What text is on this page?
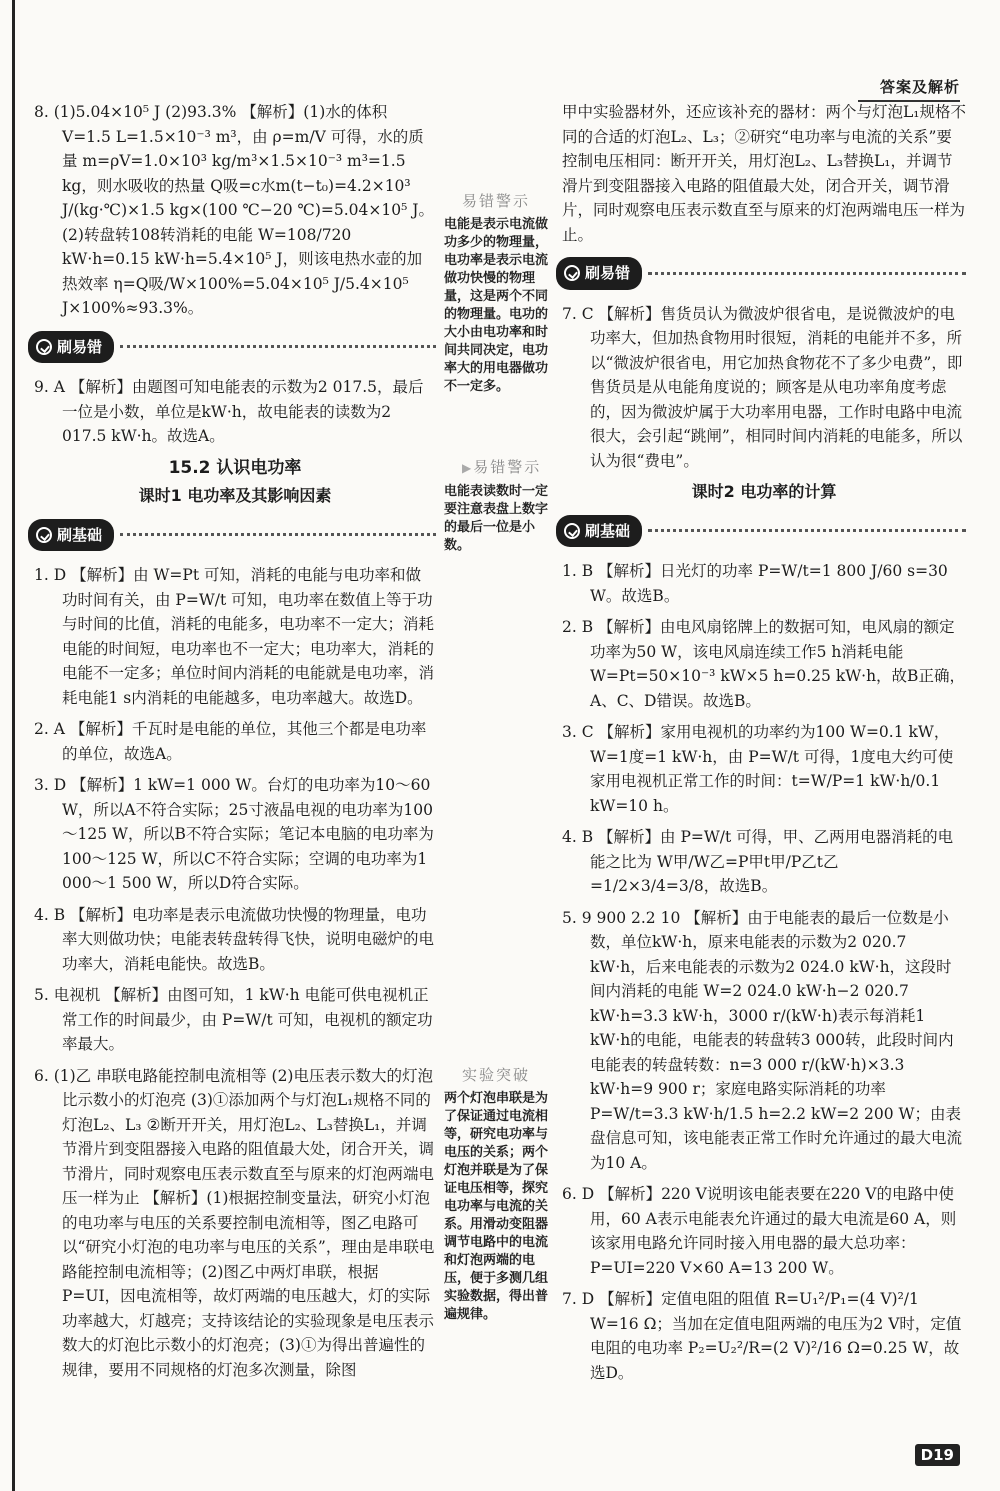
答案及解析

8. (1)5.04×10⁵ J (2)93.3% 【解析】(1)水的体积 V=1.5 L=1.5×10⁻³ m³，由 ρ=m/V 可得，水的质量 m=ρV=1.0×10³ kg/m³×1.5×10⁻³ m³=1.5 kg，则水吸收的热量 Q吸=c水m(t−t₀)=4.2×10³ J/(kg·℃)×1.5 kg×(100 ℃−20 ℃)=5.04×10⁵ J。(2)转盘转108转消耗的电能 W=108/720 kW·h=0.15 kW·h=5.4×10⁵ J，则该电热水壶的加热效率 η=Q吸/W×100%=5.04×10⁵ J/5.4×10⁵ J×100%≈93.3%。

刷易错

9. A 【解析】由题图可知电能表的示数为2 017.5，最后一位是小数，单位是kW·h，故电能表的读数为2 017.5 kW·h。故选A。

15.2 认识电功率
课时1 电功率及其影响因素
刷基础

1. D 【解析】由 W=Pt 可知，消耗的电能与电功率和做功时间有关，由 P=W/t 可知，电功率在数值上等于功与时间的比值，消耗的电能多，电功率不一定大；消耗电能的时间短，电功率也不一定大；电功率大，消耗的电能不一定多；单位时间内消耗的电能就是电功率，消耗电能1 s内消耗的电能越多，电功率越大。故选D。

2. A 【解析】千瓦时是电能的单位，其他三个都是电功率的单位，故选A。

3. D 【解析】1 kW=1 000 W。台灯的电功率为10～60 W，所以A不符合实际；25寸液晶电视的电功率为100～125 W，所以B不符合实际；笔记本电脑的电功率为100～125 W，所以C不符合实际；空调的电功率为1 000～1 500 W，所以D符合实际。

4. B 【解析】电功率是表示电流做功快慢的物理量，电功率大则做功快；电能表转盘转得飞快，说明电磁炉的电功率大，消耗电能快。故选B。

5. 电视机 【解析】由图可知，1 kW·h 电能可供电视机正常工作的时间最少，由 P=W/t 可知，电视机的额定功率最大。

6. (1)乙 串联电路能控制电流相等 (2)电压表示数大的灯泡比示数小的灯泡亮 (3)①添加两个与灯泡L₁规格不同的灯泡L₂、L₃ ②断开开关，用灯泡L₂、L₃替换L₁，并调节滑片到变阻器接入电路的阻值最大处，闭合开关，调节滑片，同时观察电压表示数直至与原来的灯泡两端电压一样为止 【解析】(1)根据控制变量法，研究小灯泡的电功率与电压的关系要控制电流相等，图乙电路可以“研究小灯泡的电功率与电压的关系”，理由是串联电路能控制电流相等；(2)图乙中两灯串联，根据P=UI，因电流相等，故灯两端的电压越大，灯的实际功率越大，灯越亮；支持该结论的实验现象是电压表示数大的灯泡比示数小的灯泡亮；(3)①为得出普遍性的规律，要用不同规格的灯泡多次测量，除图

易错警示
电能是表示电流做功多少的物理量，电功率是表示电流做功快慢的物理量，这是两个不同的物理量。电功的大小由电功率和时间共同决定，电功率大的用电器做功不一定多。
▶易错警示
电能表读数时一定要注意表盘上数字的最后一位是小数。
实验突破
两个灯泡串联是为了保证通过电流相等，研究电功率与电压的关系；两个灯泡并联是为了保证电压相等，探究电功率与电流的关系。用滑动变阻器调节电路中的电流和灯泡两端的电压，便于多测几组实验数据，得出普遍规律。

甲中实验器材外，还应该补充的器材：两个与灯泡L₁规格不同的合适的灯泡L₂、L₃；②研究“电功率与电流的关系”要控制电压相同：断开开关，用灯泡L₂、L₃替换L₁，并调节滑片到变阻器接入电路的阻值最大处，闭合开关，调节滑片，同时观察电压表示数直至与原来的灯泡两端电压一样为止。

刷易错

7. C 【解析】售货员认为微波炉很省电，是说微波炉的电功率大，但加热食物用时很短，消耗的电能并不多，所以“微波炉很省电，用它加热食物花不了多少电费”，即售货员是从电能角度说的；顾客是从电功率角度考虑的，因为微波炉属于大功率用电器，工作时电路中电流很大，会引起“跳闸”，相同时间内消耗的电能多，所以认为很“费电”。

课时2 电功率的计算
刷基础

1. B 【解析】日光灯的功率 P=W/t=1 800 J/60 s=30 W。故选B。

2. B 【解析】由电风扇铭牌上的数据可知，电风扇的额定功率为50 W，该电风扇连续工作5 h消耗电能 W=Pt=50×10⁻³ kW×5 h=0.25 kW·h，故B正确，A、C、D错误。故选B。

3. C 【解析】家用电视机的功率约为100 W=0.1 kW，W=1度=1 kW·h，由 P=W/t 可得，1度电大约可使家用电视机正常工作的时间：t=W/P=1 kW·h/0.1 kW=10 h。

4. B 【解析】由 P=W/t 可得，甲、乙两用电器消耗的电能之比为 W甲/W乙=P甲t甲/P乙t乙=1/2×3/4=3/8，故选B。

5. 9 900 2.2 10 【解析】由于电能表的最后一位数是小数，单位kW·h，原来电能表的示数为2 020.7 kW·h，后来电能表的示数为2 024.0 kW·h，这段时间内消耗的电能 W=2 024.0 kW·h−2 020.7 kW·h=3.3 kW·h，3000 r/(kW·h)表示每消耗1 kW·h的电能，电能表的转盘转3 000转，此段时间内电能表的转盘转数：n=3 000 r/(kW·h)×3.3 kW·h=9 900 r；家庭电路实际消耗的功率 P=W/t=3.3 kW·h/1.5 h=2.2 kW=2 200 W；由表盘信息可知，该电能表正常工作时允许通过的最大电流为10 A。

6. D 【解析】220 V说明该电能表要在220 V的电路中使用，60 A表示电能表允许通过的最大电流是60 A，则该家用电路允许同时接入用电器的最大总功率：P=UI=220 V×60 A=13 200 W。

7. D 【解析】定值电阻的阻值 R=U₁²/P₁=(4 V)²/1 W=16 Ω；当加在定值电阻两端的电压为2 V时，定值电阻的电功率 P₂=U₂²/R=(2 V)²/16 Ω=0.25 W，故选D。

D19
